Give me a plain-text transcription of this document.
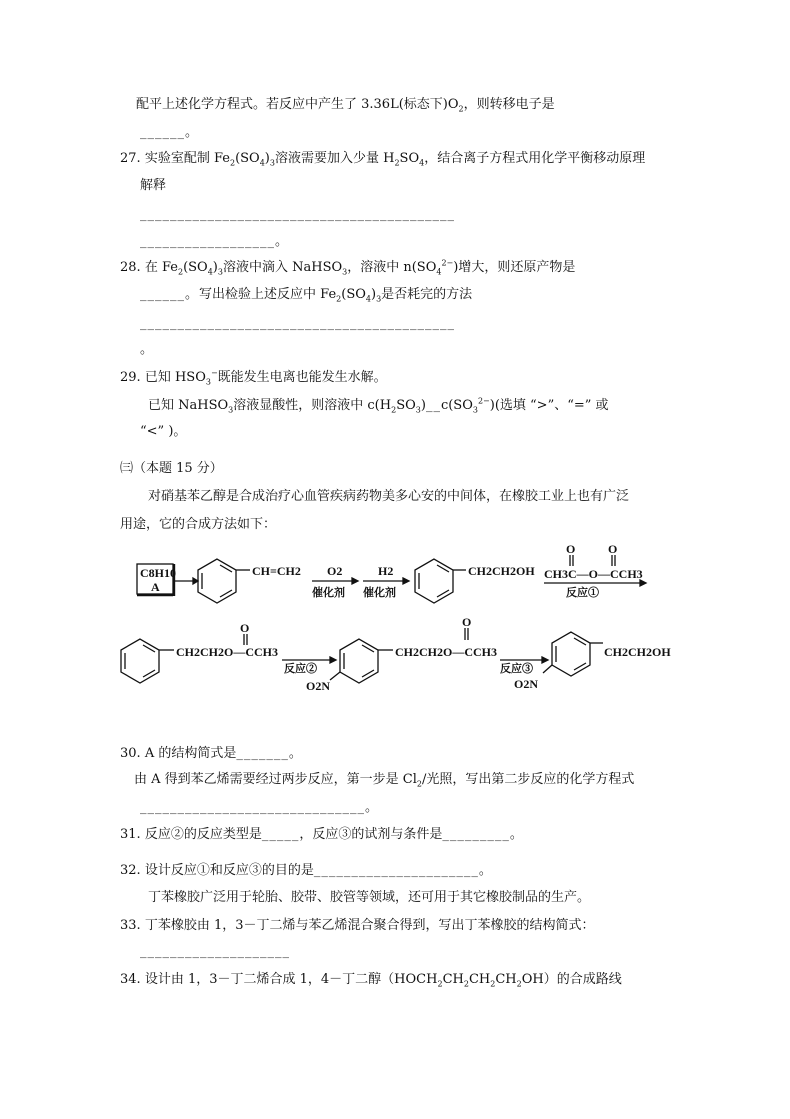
配平上述化学方程式。若反应中产生了 3.36L(标态下)$O_2$，则转移电子是
______。
27. 实验室配制 $Fe_2(SO_4)_3$溶液需要加入少量 $H_2SO_4$，结合离子方程式用化学平衡移动原理
解释
__________________________________________
__________________。
28. 在 $Fe_2(SO_4)_3$溶液中滴入 NaHSO$_3$，溶液中 $n(SO_4^{2-})$增大，则还原产物是
______。写出检验上述反应中 $Fe_2(SO_4)_3$是否耗完的方法
__________________________________________
。
29. 已知 $HSO_3^-$既能发生电离也能发生水解。
已知 NaHSO$_3$溶液显酸性，则溶液中 $c(H_2SO_3)\_\_c(SO_3^{2-})$(选填 “>”、“=” 或
“<” )。
㈢（本题 15 分）
对硝基苯乙醇是合成治疗心血管疾病药物美多心安的中间体，在橡胶工业上也有广泛
用途，它的合成方法如下：
C8H10
A
CH=CH2 O2
催化剂
H2
催化剂
CH2CH2OH
O	O
CH3C—O—CCH3
反应①
O
CH2CH2O—CCH3
反应②
O
CH2CH2O—CCH3
O2N
反应③
O2N
CH2CH2OH
30. A 的结构简式是_______。
由 A 得到苯乙烯需要经过两步反应，第一步是 $Cl_2/$光照，写出第二步反应的化学方程式
______________________________。
31. 反应②的反应类型是_____，反应③的试剂与条件是_________。
32. 设计反应①和反应③的目的是______________________。
丁苯橡胶广泛用于轮胎、胶带、胶管等领域，还可用于其它橡胶制品的生产。
33. 丁苯橡胶由 1，3－丁二烯与苯乙烯混合聚合得到，写出丁苯橡胶的结构简式：
____________________
34. 设计由 1，3－丁二烯合成 1，4－丁二醇$(HOCH_2CH_2CH_2CH_2OH)$的合成路线
